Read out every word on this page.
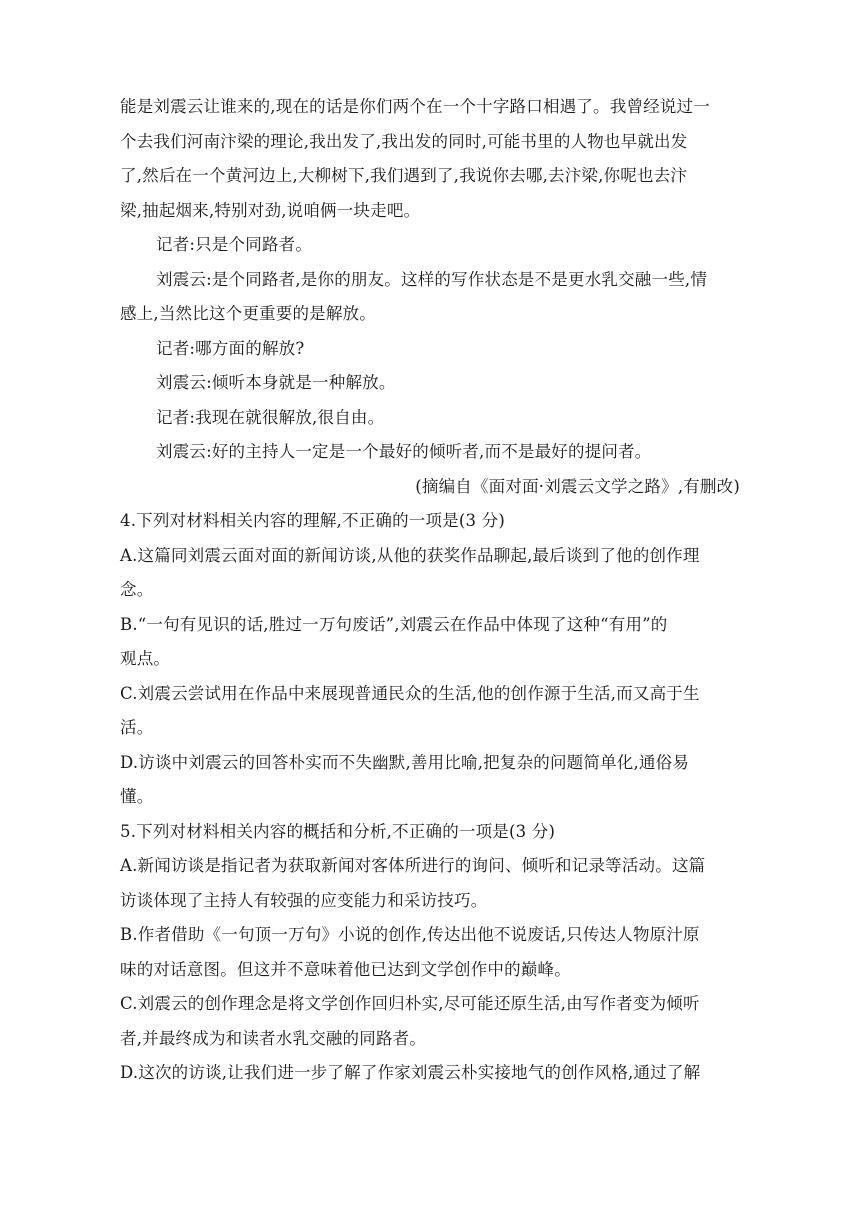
能是刘震云让谁来的,现在的话是你们两个在一个十字路口相遇了。我曾经说过一
个去我们河南汴梁的理论,我出发了,我出发的同时,可能书里的人物也早就出发
了,然后在一个黄河边上,大柳树下,我们遇到了,我说你去哪,去汴梁,你呢也去汴
梁,抽起烟来,特别对劲,说咱俩一块走吧。
记者:只是个同路者。
刘震云:是个同路者,是你的朋友。这样的写作状态是不是更水乳交融一些,情
感上,当然比这个更重要的是解放。
记者:哪方面的解放?
刘震云:倾听本身就是一种解放。
记者:我现在就很解放,很自由。
刘震云:好的主持人一定是一个最好的倾听者,而不是最好的提问者。
(摘编自《面对面·刘震云文学之路》,有删改)
4.下列对材料相关内容的理解,不正确的一项是(3 分)
A.这篇同刘震云面对面的新闻访谈,从他的获奖作品聊起,最后谈到了他的创作理
念。
B.“一句有见识的话,胜过一万句废话”,刘震云在作品中体现了这种“有用”的
观点。
C.刘震云尝试用在作品中来展现普通民众的生活,他的创作源于生活,而又高于生
活。
D.访谈中刘震云的回答朴实而不失幽默,善用比喻,把复杂的问题简单化,通俗易
懂。
5.下列对材料相关内容的概括和分析,不正确的一项是(3 分)
A.新闻访谈是指记者为获取新闻对客体所进行的询问、倾听和记录等活动。这篇
访谈体现了主持人有较强的应变能力和采访技巧。
B.作者借助《一句顶一万句》小说的创作,传达出他不说废话,只传达人物原汁原
味的对话意图。但这并不意味着他已达到文学创作中的巅峰。
C.刘震云的创作理念是将文学创作回归朴实,尽可能还原生活,由写作者变为倾听
者,并最终成为和读者水乳交融的同路者。
D.这次的访谈,让我们进一步了解了作家刘震云朴实接地气的创作风格,通过了解
